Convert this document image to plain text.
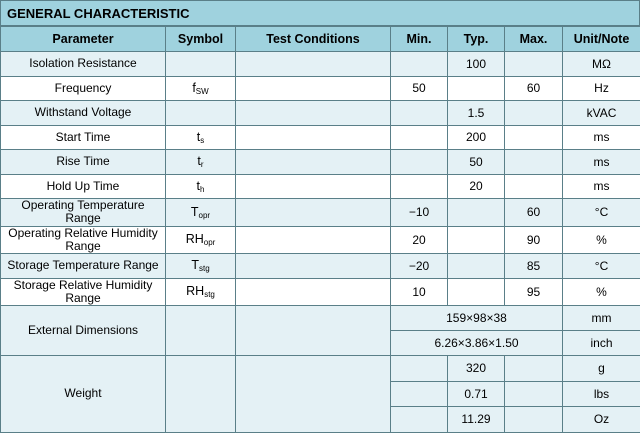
GENERAL CHARACTERISTIC
Parameter	Symbol	Test Conditions	Min.	Typ.	Max.	Unit/Note
Isolation Resistance				100		MΩ
Frequency	$f_{SW}$		50		60	Hz
Withstand Voltage				1.5		kVAC
Start Time	$t_s$			200		ms
Rise Time	$t_r$			50		ms
Hold Up Time	$t_h$			20		ms
Operating Temperature Range	$T_{opr}$		−10		60	°C
Operating Relative Humidity Range	$RH_{opr}$		20		90	%
Storage Temperature Range	$T_{stg}$		−20		85	°C
Storage Relative Humidity Range	$RH_{stg}$		10		95	%
External Dimensions			159×98×38			mm
			6.26×3.86×1.50			inch
Weight				320		g
				0.71		lbs
				11.29		Oz
